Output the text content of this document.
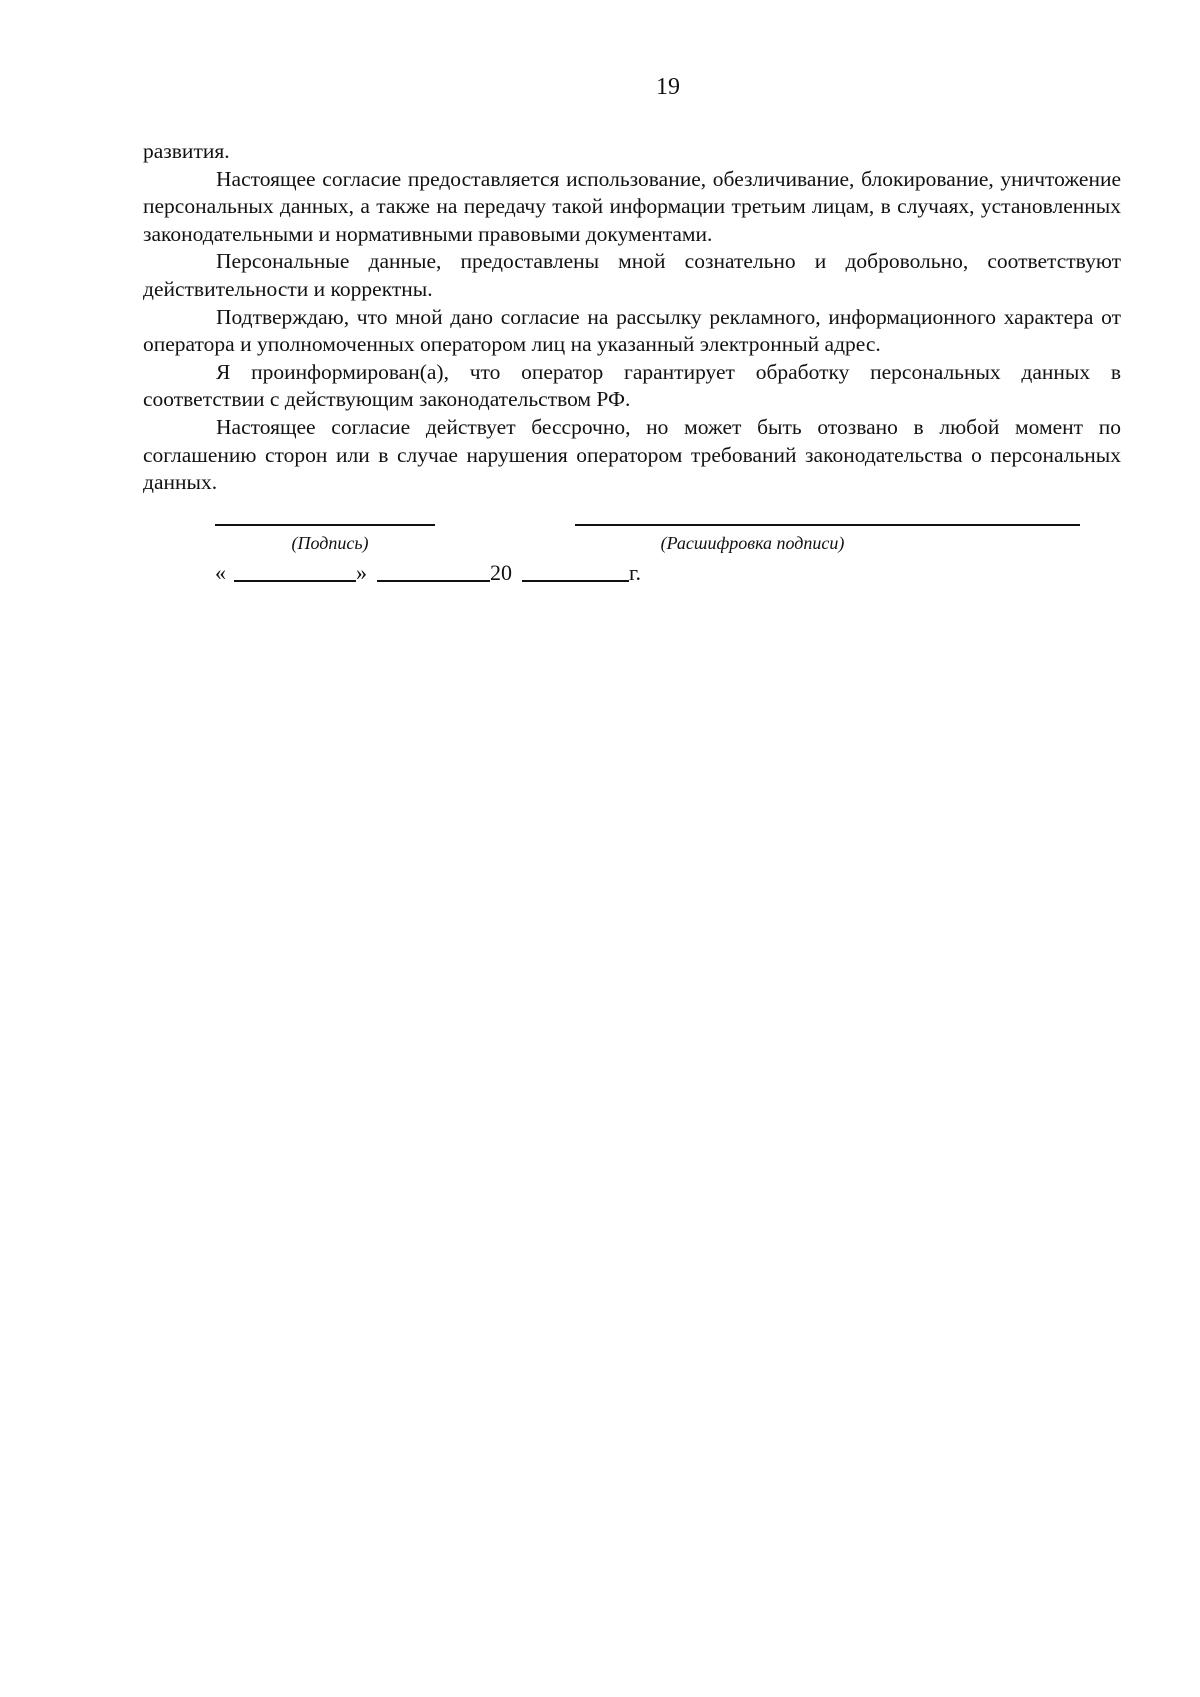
19

развития.

Настоящее согласие предоставляется использование, обезличивание, блокирование, уничтожение персональных данных, а также на передачу такой информации третьим лицам, в случаях, установленных законодательными и нормативными правовыми документами.

Персональные данные, предоставлены мной сознательно и добровольно, соответствуют действительности и корректны.

Подтверждаю, что мной дано согласие на рассылку рекламного, информационного характера от оператора и уполномоченных оператором лиц на указанный электронный адрес.

Я проинформирован(а), что оператор гарантирует обработку персональных данных в соответствии с действующим законодательством РФ.

Настоящее согласие действует бессрочно, но может быть отозвано в любой момент по соглашению сторон или в случае нарушения оператором требований законодательства о персональных данных.

(Подпись)	(Расшифровка подписи)
«	»	20	г.
